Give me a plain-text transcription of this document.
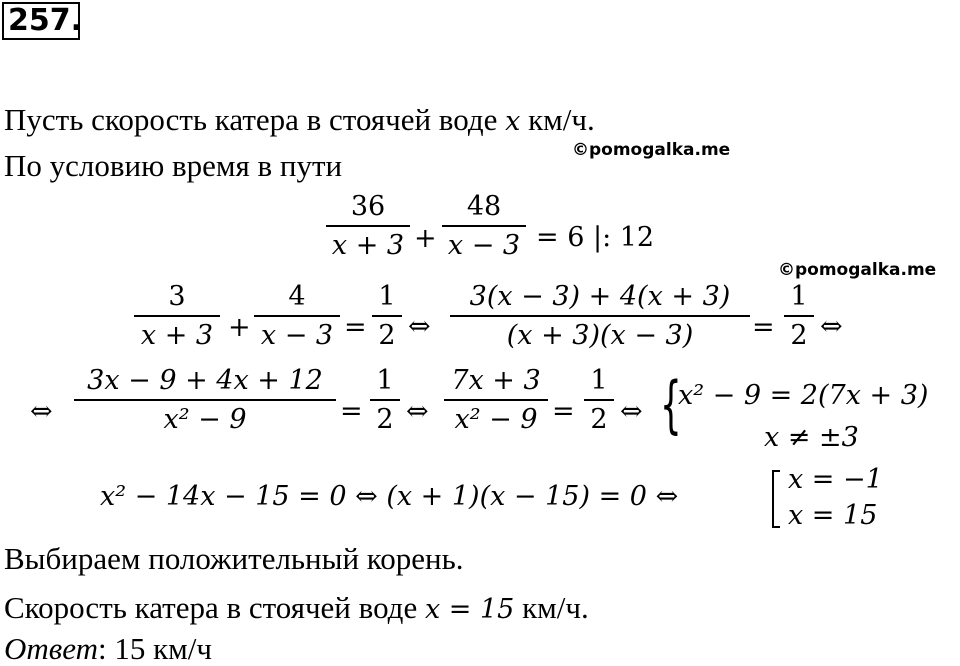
257.
Пусть скорость катера в стоячей воде x км/ч.
©pomogalka.me
По условию время в пути
36
x + 3 +
48
x − 3 = 6 |: 12
©pomogalka.me
3
x + 3 +
4
x − 3 =
1
2 ⇔
3(x − 3) + 4(x + 3)
(x + 3)(x − 3) =
1
2 ⇔
⇔
3x − 9 + 4x + 12
x² − 9	=
1
2 ⇔
7x + 3
x² − 9 =
1
2 ⇔ {
x² − 9 = 2(7x + 3)
x ≠ ±3
x² − 14x − 15 = 0 ⇔ (x + 1)(x − 15) = 0 ⇔
x = −1
x = 15
Выбираем положительный корень.
Скорость катера в стоячей воде x = 15 км/ч.
Ответ: 15 км/ч
